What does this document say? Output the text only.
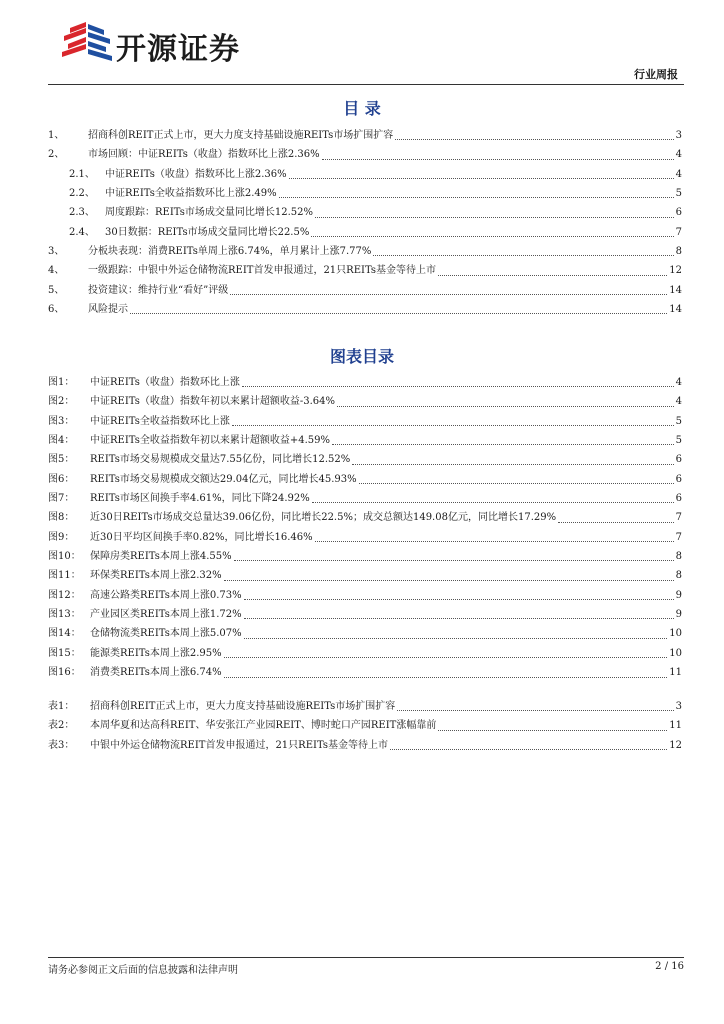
开源证券
行业周报
目 录
1、	招商科创REIT正式上市，更大力度支持基础设施REITs市场扩围扩容	3
2、	市场回顾：中证REITs（收盘）指数环比上涨2.36%	4
2.1、	中证REITs（收盘）指数环比上涨2.36%	4
2.2、	中证REITs全收益指数环比上涨2.49%	5
2.3、	周度跟踪：REITs市场成交量同比增长12.52%	6
2.4、	30日数据：REITs市场成交量同比增长22.5%	7
3、	分板块表现：消费REITs单周上涨6.74%，单月累计上涨7.77%	8
4、	一级跟踪：中银中外运仓储物流REIT首发申报通过，21只REITs基金等待上市	12
5、	投资建议：维持行业“看好”评级	14
6、	风险提示	14
图表目录
图1：	中证REITs（收盘）指数环比上涨	4
图2：	中证REITs（收盘）指数年初以来累计超额收益-3.64%	4
图3：	中证REITs全收益指数环比上涨	5
图4：	中证REITs全收益指数年初以来累计超额收益+4.59%	5
图5：	REITs市场交易规模成交量达7.55亿份，同比增长12.52%	6
图6：	REITs市场交易规模成交额达29.04亿元，同比增长45.93%	6
图7：	REITs市场区间换手率4.61%，同比下降24.92%	6
图8：	近30日REITs市场成交总量达39.06亿份，同比增长22.5%；成交总额达149.08亿元，同比增长17.29%	7
图9：	近30日平均区间换手率0.82%，同比增长16.46%	7
图10： 保障房类REITs本周上涨4.55%	8
图11： 环保类REITs本周上涨2.32%	8
图12： 高速公路类REITs本周上涨0.73%	9
图13： 产业园区类REITs本周上涨1.72%	9
图14： 仓储物流类REITs本周上涨5.07%	10
图15： 能源类REITs本周上涨2.95%	10
图16： 消费类REITs本周上涨6.74%	11
表1：	招商科创REIT正式上市，更大力度支持基础设施REITs市场扩围扩容	3
表2：	本周华夏和达高科REIT、华安张江产业园REIT、博时蛇口产园REIT涨幅靠前	11
表3：	中银中外运仓储物流REIT首发申报通过，21只REITs基金等待上市	12
请务必参阅正文后面的信息披露和法律声明	2 / 16
